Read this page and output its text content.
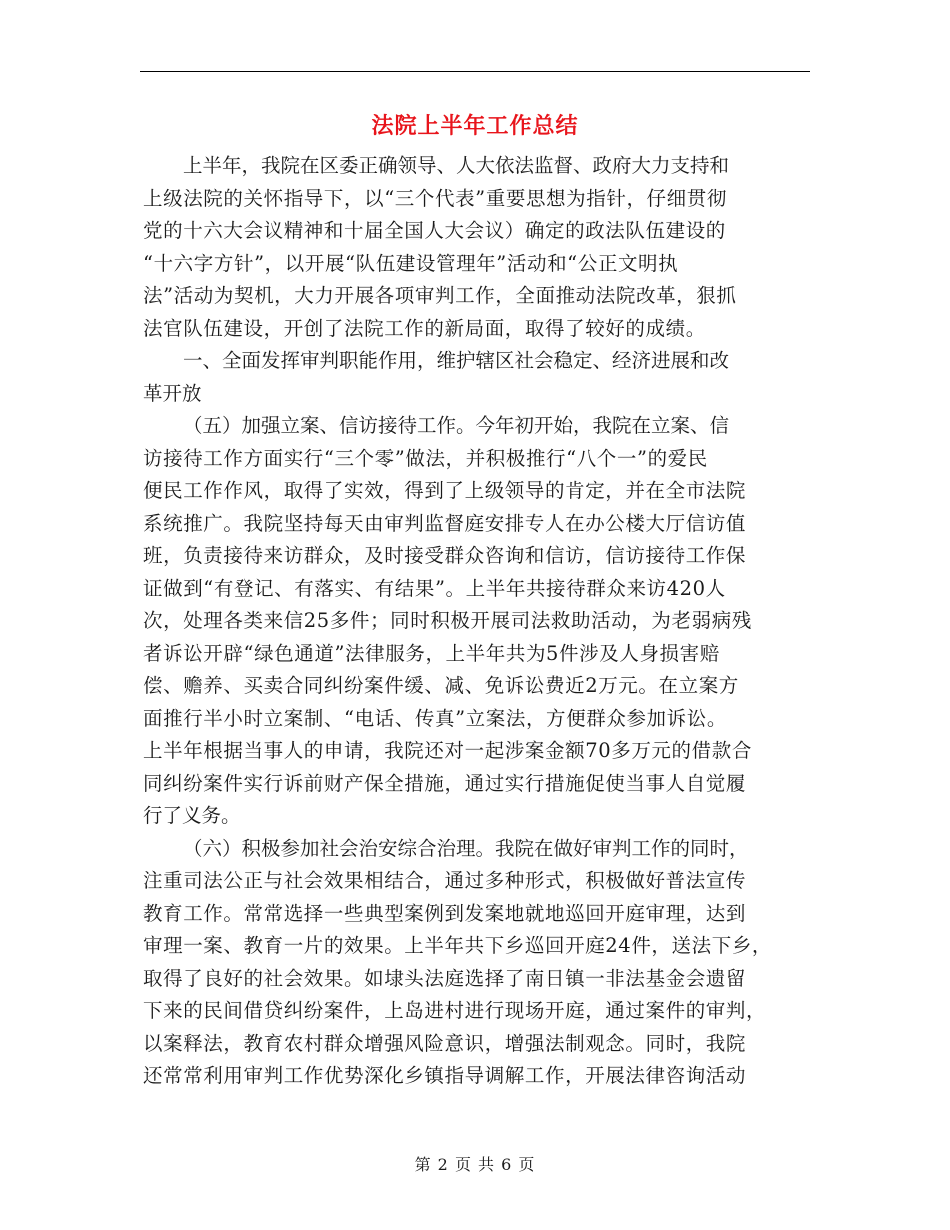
法院上半年工作总结
上半年，我院在区委正确领导、人大依法监督、政府大力支持和
上级法院的关怀指导下，以“三个代表”重要思想为指针，仔细贯彻
党的十六大会议精神和十届全国人大会议）确定的政法队伍建设的
“十六字方针”，以开展“队伍建设管理年”活动和“公正文明执
法”活动为契机，大力开展各项审判工作，全面推动法院改革，狠抓
法官队伍建设，开创了法院工作的新局面，取得了较好的成绩。
一、全面发挥审判职能作用，维护辖区社会稳定、经济进展和改
革开放
（五）加强立案、信访接待工作。今年初开始，我院在立案、信
访接待工作方面实行“三个零”做法，并积极推行“八个一”的爱民
便民工作作风，取得了实效，得到了上级领导的肯定，并在全市法院
系统推广。我院坚持每天由审判监督庭安排专人在办公楼大厅信访值
班，负责接待来访群众，及时接受群众咨询和信访，信访接待工作保
证做到“有登记、有落实、有结果”。上半年共接待群众来访420人
次，处理各类来信25多件；同时积极开展司法救助活动，为老弱病残
者诉讼开辟“绿色通道”法律服务，上半年共为5件涉及人身损害赔
偿、赡养、买卖合同纠纷案件缓、减、免诉讼费近2万元。在立案方
面推行半小时立案制、“电话、传真”立案法，方便群众参加诉讼。
上半年根据当事人的申请，我院还对一起涉案金额70多万元的借款合
同纠纷案件实行诉前财产保全措施，通过实行措施促使当事人自觉履
行了义务。
（六）积极参加社会治安综合治理。我院在做好审判工作的同时，
注重司法公正与社会效果相结合，通过多种形式，积极做好普法宣传
教育工作。常常选择一些典型案例到发案地就地巡回开庭审理，达到
审理一案、教育一片的效果。上半年共下乡巡回开庭24件，送法下乡，
取得了良好的社会效果。如埭头法庭选择了南日镇一非法基金会遗留
下来的民间借贷纠纷案件，上岛进村进行现场开庭，通过案件的审判，
以案释法，教育农村群众增强风险意识，增强法制观念。同时，我院
还常常利用审判工作优势深化乡镇指导调解工作，开展法律咨询活动
第 2 页 共 6 页
